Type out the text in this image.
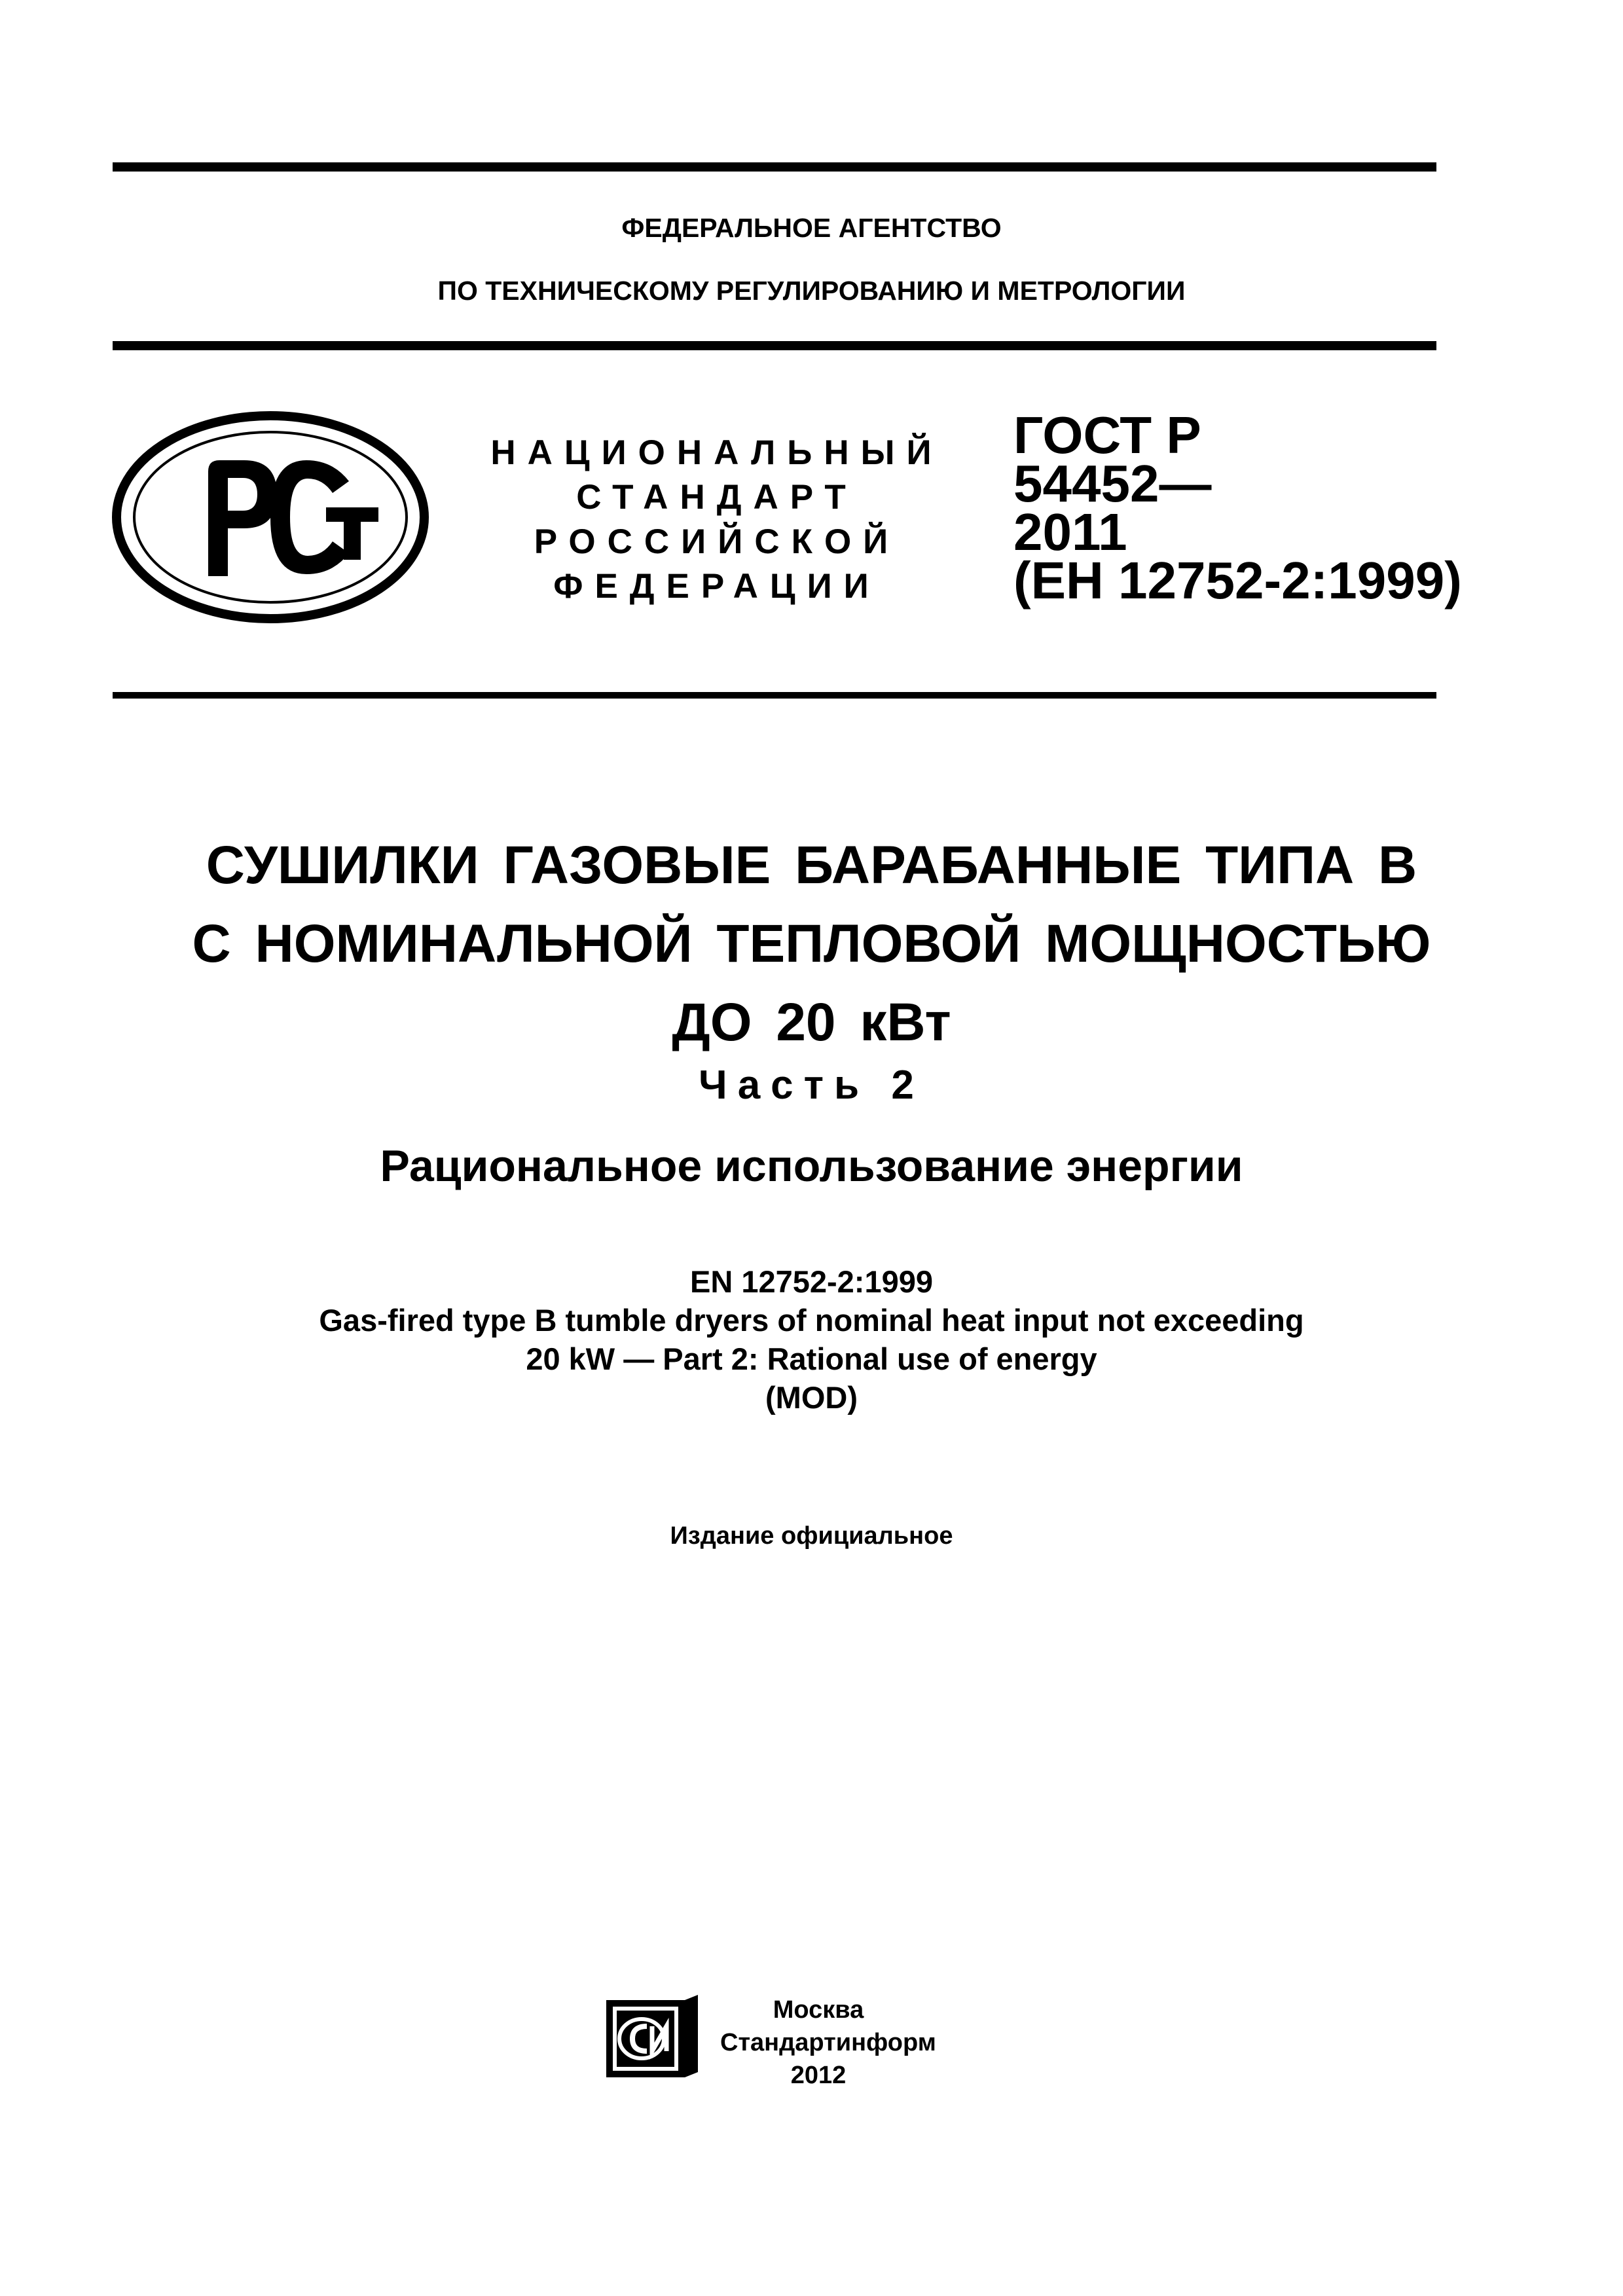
ФЕДЕРАЛЬНОЕ АГЕНТСТВО
ПО ТЕХНИЧЕСКОМУ РЕГУЛИРОВАНИЮ И МЕТРОЛОГИИ
НАЦИОНАЛЬНЫЙ
СТАНДАРТ
РОССИЙСКОЙ
ФЕДЕРАЦИИ
ГОСТ Р
54452—
2011
(ЕН 12752-2:1999)
СУШИЛКИ ГАЗОВЫЕ БАРАБАННЫЕ ТИПА В
С НОМИНАЛЬНОЙ ТЕПЛОВОЙ МОЩНОСТЬЮ
ДО 20 кВт
Часть 2
Рациональное использование энергии
EN 12752-2:1999
Gas-fired type B tumble dryers of nominal heat input not exceeding
20 kW — Part 2: Rational use of energy
(MOD)
Издание официальное
Москва
Стандартинформ
2012
